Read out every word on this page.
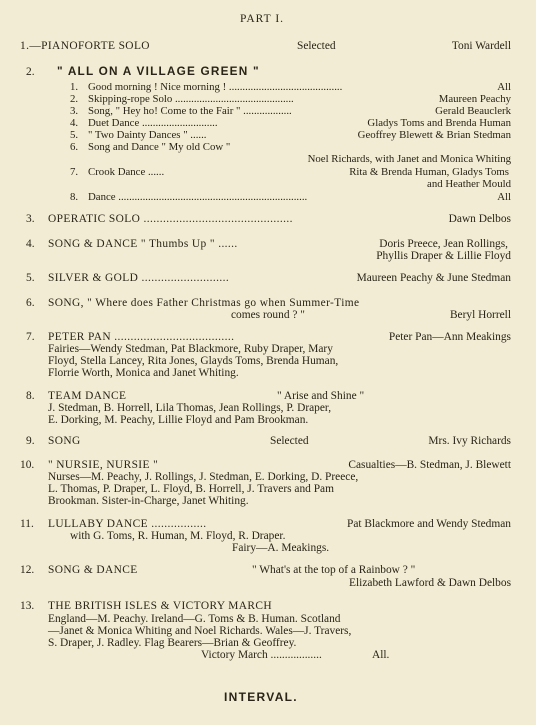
PART I.
1.—PIANOFORTE SOLO	Selected	Toni Wardell
2. " ALL ON A VILLAGE GREEN "
1. Good morning ! Nice morning ! ..........................................	All
2. Skipping-rope Solo ............................................	Maureen Peachy
3. Song, " Hey ho! Come to the Fair " ..................	Gerald Beauclerk
4. Duet Dance ............................	Gladys Toms and Brenda Human
5. " Two Dainty Dances " ......	Geoffrey Blewett & Brian Stedman
6. Song and Dance " My old Cow "
Noel Richards, with Janet and Monica Whiting
7. Crook Dance ......	Rita & Brenda Human, Gladys Toms
and Heather Mould
8. Dance ......................................................................	All
3. OPERATIC SOLO ..............................................	Dawn Delbos
4. SONG & DANCE " Thumbs Up " ......	Doris Preece, Jean Rollings,
Phyllis Draper & Lillie Floyd
5. SILVER & GOLD ...........................	Maureen Peachy & June Stedman
6. SONG, " Where does Father Christmas go when Summer-Time
comes round ? "	Beryl Horrell
7. PETER PAN .....................................	Peter Pan—Ann Meakings
Fairies—Wendy Stedman, Pat Blackmore, Ruby Draper, Mary
Floyd, Stella Lancey, Rita Jones, Glayds Toms, Brenda Human,
Florrie Worth, Monica and Janet Whiting.
8. TEAM DANCE	" Arise and Shine "
J. Stedman, B. Horrell, Lila Thomas, Jean Rollings, P. Draper,
E. Dorking, M. Peachy, Lillie Floyd and Pam Brookman.
9. SONG	Selected	Mrs. Ivy Richards
10. " NURSIE, NURSIE "	Casualties—B. Stedman, J. Blewett
Nurses—M. Peachy, J. Rollings, J. Stedman, E. Dorking, D. Preece,
L. Thomas, P. Draper, L. Floyd, B. Horrell, J. Travers and Pam
Brookman. Sister-in-Charge, Janet Whiting.
11. LULLABY DANCE .................	Pat Blackmore and Wendy Stedman
with G. Toms, R. Human, M. Floyd, R. Draper.
Fairy—A. Meakings.
12. SONG & DANCE	" What's at the top of a Rainbow ? "
Elizabeth Lawford & Dawn Delbos
13. THE BRITISH ISLES & VICTORY MARCH
England—M. Peachy. Ireland—G. Toms & B. Human. Scotland
—Janet & Monica Whiting and Noel Richards. Wales—J. Travers,
S. Draper, J. Radley. Flag Bearers—Brian & Geoffrey.
Victory March ..................	All.
INTERVAL.
